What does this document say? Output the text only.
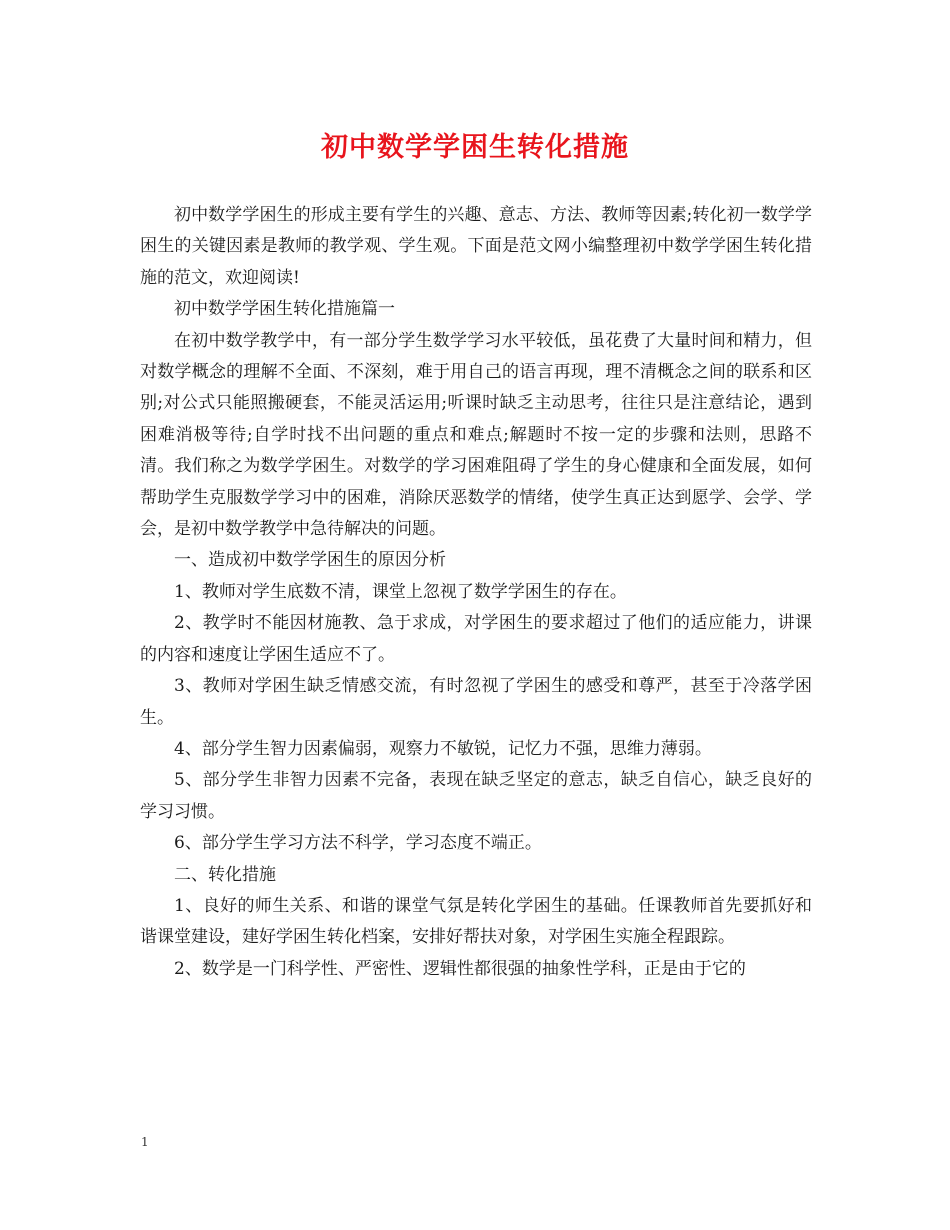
初中数学学困生转化措施

初中数学学困生的形成主要有学生的兴趣、意志、方法、教师等因素;转化初一数学学困生的关键因素是教师的教学观、学生观。下面是范文网小编整理初中数学学困生转化措施的范文，欢迎阅读!

初中数学学困生转化措施篇一

在初中数学教学中，有一部分学生数学学习水平较低，虽花费了大量时间和精力，但对数学概念的理解不全面、不深刻，难于用自己的语言再现，理不清概念之间的联系和区别;对公式只能照搬硬套，不能灵活运用;听课时缺乏主动思考，往往只是注意结论，遇到困难消极等待;自学时找不出问题的重点和难点;解题时不按一定的步骤和法则，思路不清。我们称之为数学学困生。对数学的学习困难阻碍了学生的身心健康和全面发展，如何帮助学生克服数学学习中的困难，消除厌恶数学的情绪，使学生真正达到愿学、会学、学会，是初中数学教学中急待解决的问题。

一、造成初中数学学困生的原因分析

1、教师对学生底数不清，课堂上忽视了数学学困生的存在。

2、教学时不能因材施教、急于求成，对学困生的要求超过了他们的适应能力，讲课的内容和速度让学困生适应不了。

3、教师对学困生缺乏情感交流，有时忽视了学困生的感受和尊严，甚至于冷落学困生。

4、部分学生智力因素偏弱，观察力不敏锐，记忆力不强，思维力薄弱。

5、部分学生非智力因素不完备，表现在缺乏坚定的意志，缺乏自信心，缺乏良好的学习习惯。

6、部分学生学习方法不科学，学习态度不端正。

二、转化措施

1、良好的师生关系、和谐的课堂气氛是转化学困生的基础。任课教师首先要抓好和谐课堂建设，建好学困生转化档案，安排好帮扶对象，对学困生实施全程跟踪。

2、数学是一门科学性、严密性、逻辑性都很强的抽象性学科，正是由于它的

1
